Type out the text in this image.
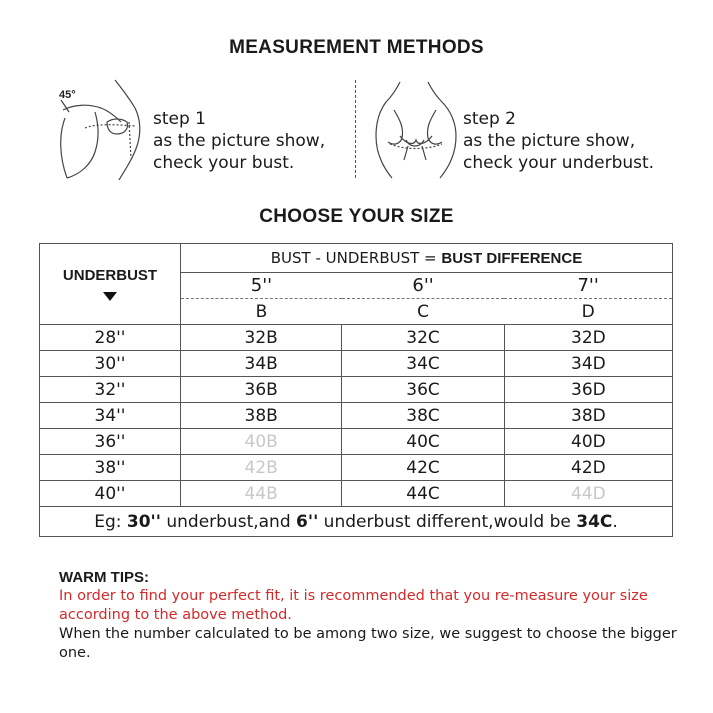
MEASUREMENT METHODS
45°
step 1
as the picture show,
check your bust.
step 2
as the picture show,
check your underbust.
CHOOSE YOUR SIZE
UNDERBUST	BUST - UNDERBUST = BUST DIFFERENCE		
	5''	6''	7''
	B	C	D
28''	32B	32C	32D
30''	34B	34C	34D
32''	36B	36C	36D
34''	38B	38C	38D
36''	40B	40C	40D
38''	42B	42C	42D
40''	44B	44C	44D
Eg: 30'' underbust,and 6'' underbust different,would be 34C.			
WARM TIPS:
In order to find your perfect fit, it is recommended that you re-measure your size according to the above method.
When the number calculated to be among two size, we suggest to choose the bigger one.
